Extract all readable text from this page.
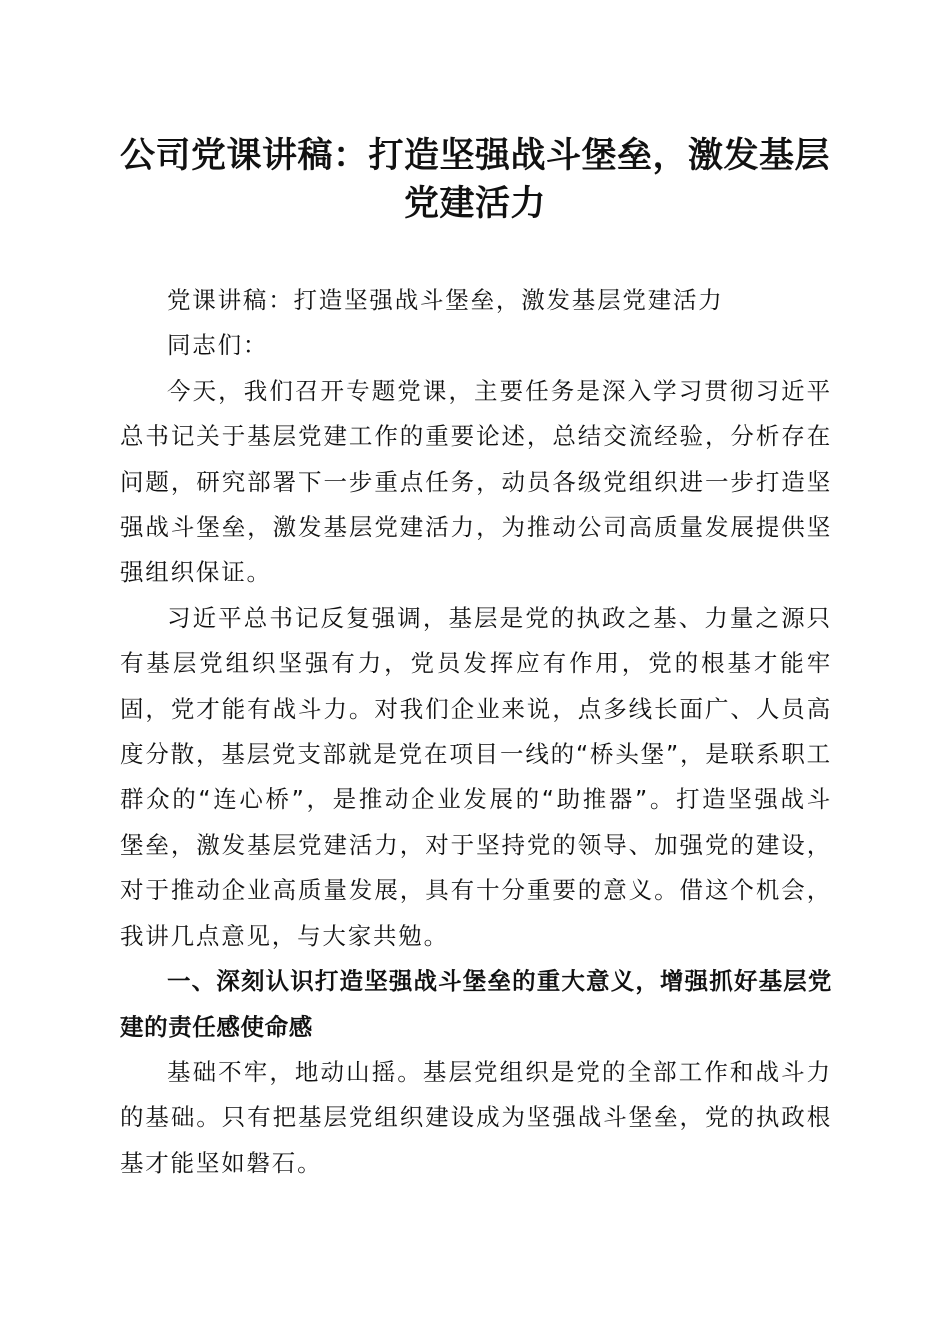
公司党课讲稿：打造坚强战斗堡垒，激发基层党建活力

党课讲稿：打造坚强战斗堡垒，激发基层党建活力

同志们：

今天，我们召开专题党课，主要任务是深入学习贯彻习近平总书记关于基层党建工作的重要论述，总结交流经验，分析存在问题，研究部署下一步重点任务，动员各级党组织进一步打造坚强战斗堡垒，激发基层党建活力，为推动公司高质量发展提供坚强组织保证。

习近平总书记反复强调，基层是党的执政之基、力量之源只有基层党组织坚强有力，党员发挥应有作用，党的根基才能牢固，党才能有战斗力。对我们企业来说，点多线长面广、人员高度分散，基层党支部就是党在项目一线的“桥头堡”，是联系职工群众的“连心桥”，是推动企业发展的“助推器”。打造坚强战斗堡垒，激发基层党建活力，对于坚持党的领导、加强党的建设，对于推动企业高质量发展，具有十分重要的意义。借这个机会，我讲几点意见，与大家共勉。

一、深刻认识打造坚强战斗堡垒的重大意义，增强抓好基层党建的责任感使命感

基础不牢，地动山摇。基层党组织是党的全部工作和战斗力的基础。只有把基层党组织建设成为坚强战斗堡垒，党的执政根基才能坚如磐石。
